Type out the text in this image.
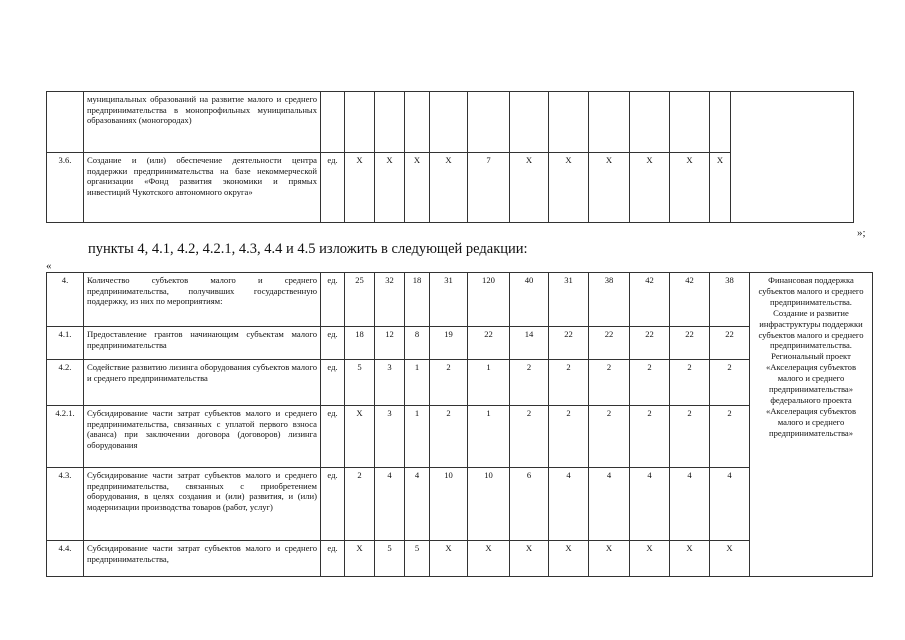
	муниципальных образований на развитие малого и среднего предпринимательства в монопрофильных муниципальных образованиях (моногородах)													
3.6.	Создание и (или) обеспечение деятельности центра поддержки предпринимательства на базе некоммерческой организации «Фонд развития экономики и прямых инвестиций Чукотского автономного округа»	ед.	Х	Х	Х	Х	7	Х	Х	Х	Х	Х	Х	
»;
пункты 4, 4.1, 4.2, 4.2.1, 4.3, 4.4 и 4.5 изложить в следующей редакции:
«
4.	Количество субъектов малого и среднего предпринимательства, получивших государственную поддержку, из них по мероприятиям:	ед.	25	32	18	31	120	40	31	38	42	42	38	Финансовая поддержка субъектов малого и среднего предпринимательства. Создание и развитие инфраструктуры поддержки субъектов малого и среднего предпринимательства. Региональный проект «Акселерация субъектов малого и среднего предпринимательства» федерального проекта «Акселерация субъектов малого и среднего предпринимательства»
4.1.	Предоставление грантов начинающим субъектам малого предпринимательства	ед.	18	12	8	19	22	14	22	22	22	22	22	
4.2.	Содействие развитию лизинга оборудования субъектов малого и среднего предпринимательства	ед.	5	3	1	2	1	2	2	2	2	2	2	
4.2.1.	Субсидирование части затрат субъектов малого и среднего предпринимательства, связанных с уплатой первого взноса (аванса) при заключении договора (договоров) лизинга оборудования	ед.	Х	3	1	2	1	2	2	2	2	2	2	
4.3.	Субсидирование части затрат субъектов малого и среднего предпринимательства, связанных с приобретением оборудования, в целях создания и (или) развития, и (или) модернизации производства товаров (работ, услуг)	ед.	2	4	4	10	10	6	4	4	4	4	4	
4.4.	Субсидирование части затрат субъектов малого и среднего предпринимательства,	ед.	Х	5	5	Х	Х	Х	Х	Х	Х	Х	Х	
